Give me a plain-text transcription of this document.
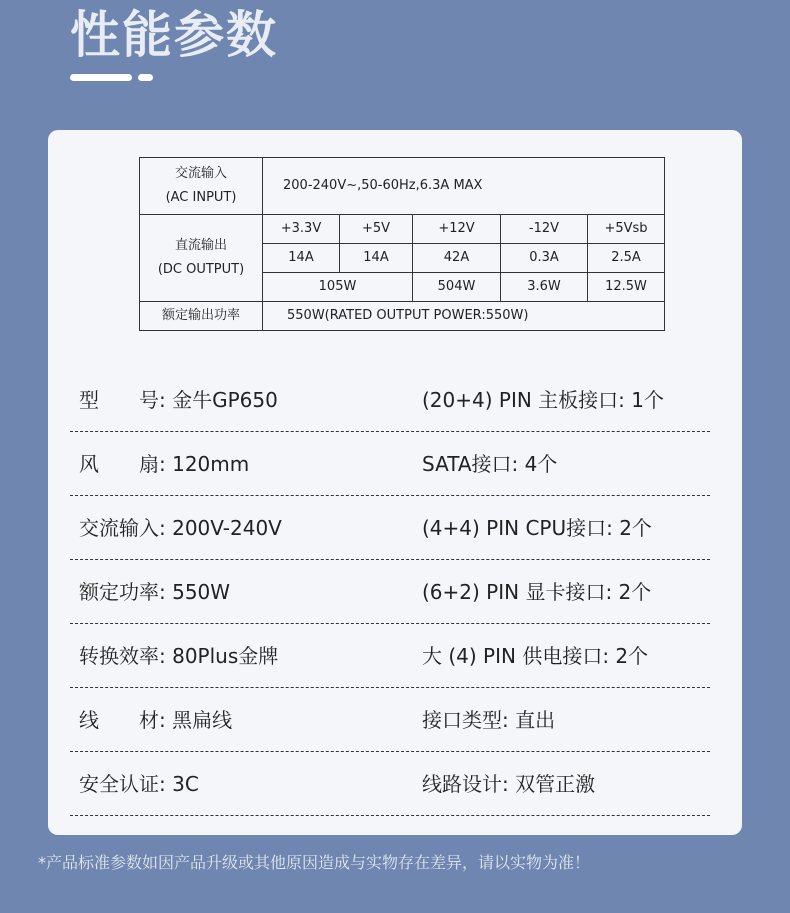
性能参数
交流输入
(AC INPUT)	200-240V~,50-60Hz,6.3A MAX				

直流输出
(DC OUTPUT)	+3.3V	+5V	+12V	-12V	+5Vsb
	14A	14A	42A	0.3A	2.5A
	105W		504W	3.6W	12.5W
额定输出功率	550W(RATED OUTPUT POWER:550W)				
型　　号: 金牛GP650	(20+4) PIN 主板接口: 1个
风　　扇: 120mm	SATA接口: 4个
交流输入: 200V-240V	(4+4) PIN CPU接口: 2个
额定功率: 550W	(6+2) PIN 显卡接口: 2个
转换效率: 80Plus金牌	大 (4) PIN 供电接口: 2个
线　　材: 黑扁线	接口类型: 直出
安全认证: 3C	线路设计: 双管正激
*产品标准参数如因产品升级或其他原因造成与实物存在差异，请以实物为准！
